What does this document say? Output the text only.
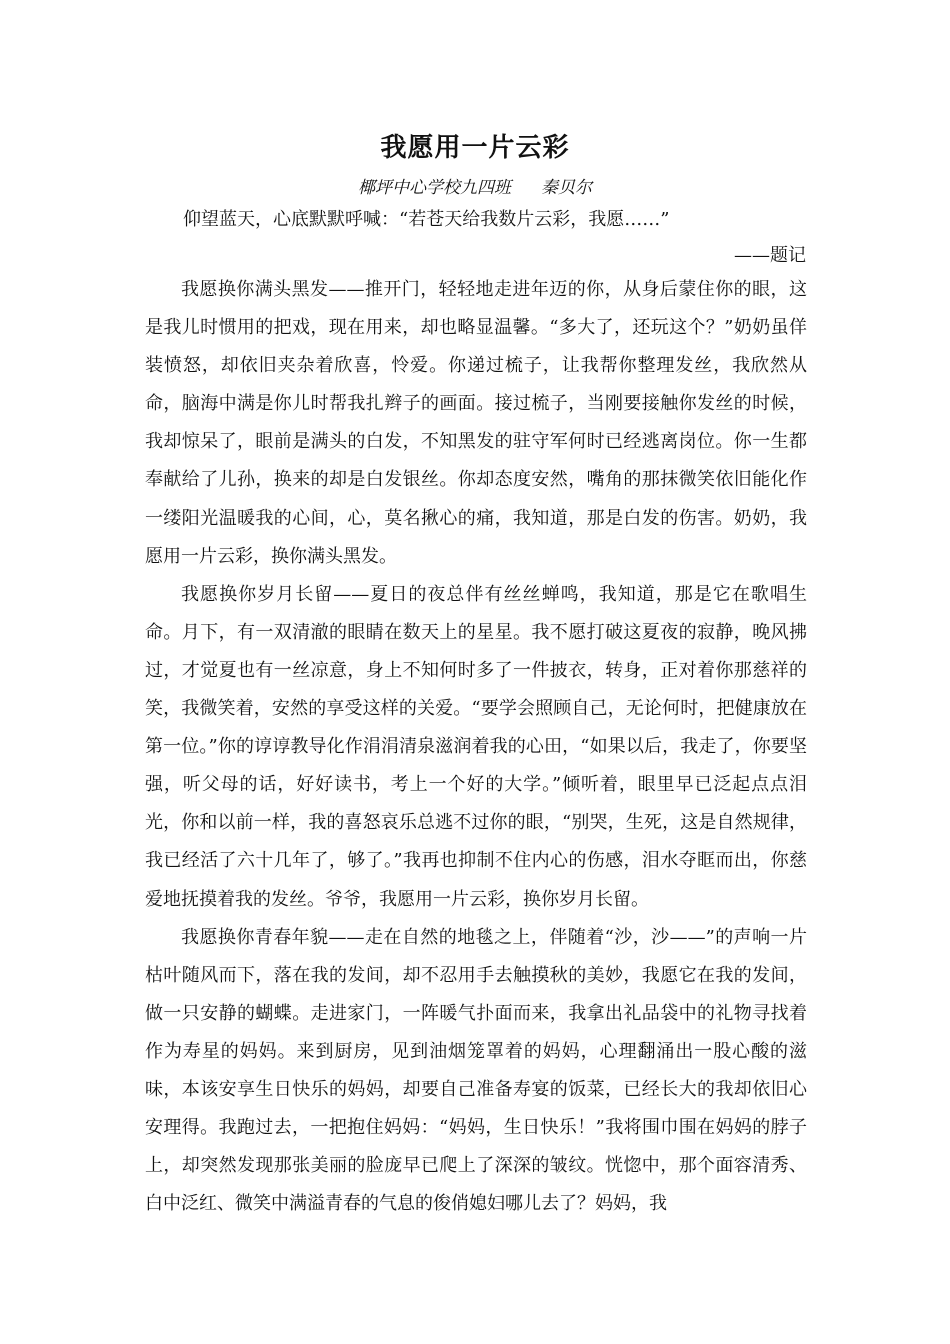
我愿用一片云彩
椰坪中心学校九四班 秦贝尔
仰望蓝天，心底默默呼喊：“若苍天给我数片云彩，我愿……”
——题记

我愿换你满头黑发——推开门，轻轻地走进年迈的你，从身后蒙住你的眼，这是我儿时惯用的把戏，现在用来，却也略显温馨。“多大了，还玩这个？”奶奶虽佯装愤怒，却依旧夹杂着欣喜，怜爱。你递过梳子，让我帮你整理发丝，我欣然从命，脑海中满是你儿时帮我扎辫子的画面。接过梳子，当刚要接触你发丝的时候，我却惊呆了，眼前是满头的白发，不知黑发的驻守军何时已经逃离岗位。你一生都奉献给了儿孙，换来的却是白发银丝。你却态度安然，嘴角的那抹微笑依旧能化作一缕阳光温暖我的心间，心，莫名揪心的痛，我知道，那是白发的伤害。奶奶，我愿用一片云彩，换你满头黑发。

我愿换你岁月长留——夏日的夜总伴有丝丝蝉鸣，我知道，那是它在歌唱生命。月下，有一双清澈的眼睛在数天上的星星。我不愿打破这夏夜的寂静，晚风拂过，才觉夏也有一丝凉意，身上不知何时多了一件披衣，转身，正对着你那慈祥的笑，我微笑着，安然的享受这样的关爱。“要学会照顾自己，无论何时，把健康放在第一位。”你的谆谆教导化作涓涓清泉滋润着我的心田，“如果以后，我走了，你要坚强，听父母的话，好好读书，考上一个好的大学。”倾听着，眼里早已泛起点点泪光，你和以前一样，我的喜怒哀乐总逃不过你的眼，“别哭，生死，这是自然规律，我已经活了六十几年了，够了。”我再也抑制不住内心的伤感，泪水夺眶而出，你慈爱地抚摸着我的发丝。爷爷，我愿用一片云彩，换你岁月长留。

我愿换你青春年貌——走在自然的地毯之上，伴随着“沙，沙——”的声响一片枯叶随风而下，落在我的发间，却不忍用手去触摸秋的美妙，我愿它在我的发间，做一只安静的蝴蝶。走进家门，一阵暖气扑面而来，我拿出礼品袋中的礼物寻找着作为寿星的妈妈。来到厨房，见到油烟笼罩着的妈妈，心理翻涌出一股心酸的滋味，本该安享生日快乐的妈妈，却要自己准备寿宴的饭菜，已经长大的我却依旧心安理得。我跑过去，一把抱住妈妈：“妈妈，生日快乐！”我将围巾围在妈妈的脖子上，却突然发现那张美丽的脸庞早已爬上了深深的皱纹。恍惚中，那个面容清秀、白中泛红、微笑中满溢青春的气息的俊俏媳妇哪儿去了？妈妈，我
